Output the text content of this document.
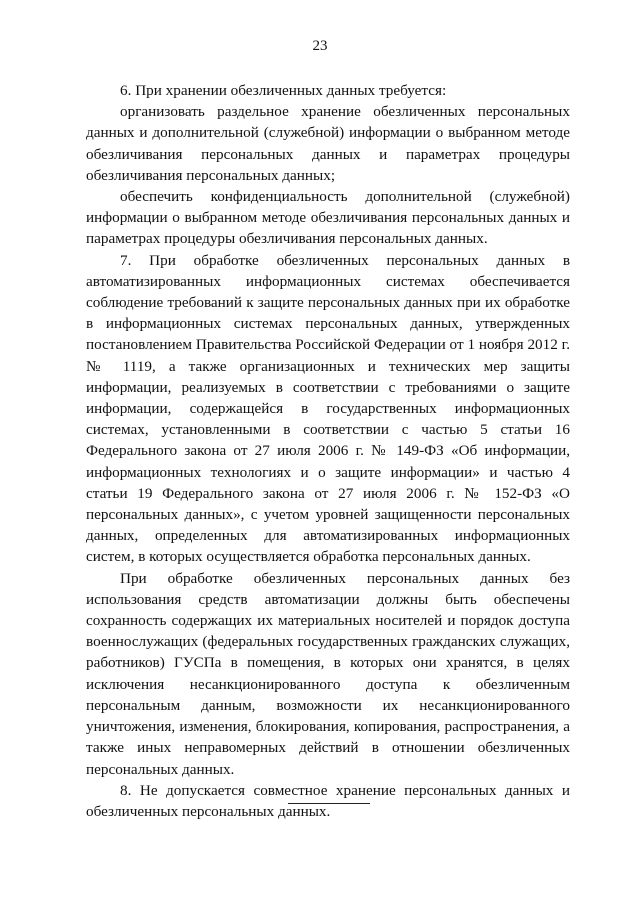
23

6. При хранении обезличенных данных требуется:

организовать раздельное хранение обезличенных персональных данных и дополнительной (служебной) информации о выбранном методе обезличивания персональных данных и параметрах процедуры обезличивания персональных данных;

обеспечить конфиденциальность дополнительной (служебной) информации о выбранном методе обезличивания персональных данных и параметрах процедуры обезличивания персональных данных.

7. При обработке обезличенных персональных данных в автоматизированных информационных системах обеспечивается соблюдение требований к защите персональных данных при их обработке в информационных системах персональных данных, утвержденных постановлением Правительства Российской Федерации от 1 ноября 2012 г. № 1119, а также организационных и технических мер защиты информации, реализуемых в соответствии с требованиями о защите информации, содержащейся в государственных информационных системах, установленными в соответствии с частью 5 статьи 16 Федерального закона от 27 июля 2006 г. № 149-ФЗ «Об информации, информационных технологиях и о защите информации» и частью 4 статьи 19 Федерального закона от 27 июля 2006 г. № 152-ФЗ «О персональных данных», с учетом уровней защищенности персональных данных, определенных для автоматизированных информационных систем, в которых осуществляется обработка персональных данных.

При обработке обезличенных персональных данных без использования средств автоматизации должны быть обеспечены сохранность содержащих их материальных носителей и порядок доступа военнослужащих (федеральных государственных гражданских служащих, работников) ГУСПа в помещения, в которых они хранятся, в целях исключения несанкционированного доступа к обезличенным персональным данным, возможности их несанкционированного уничтожения, изменения, блокирования, копирования, распространения, а также иных неправомерных действий в отношении обезличенных персональных данных.

8. Не допускается совместное хранение персональных данных и обезличенных персональных данных.
